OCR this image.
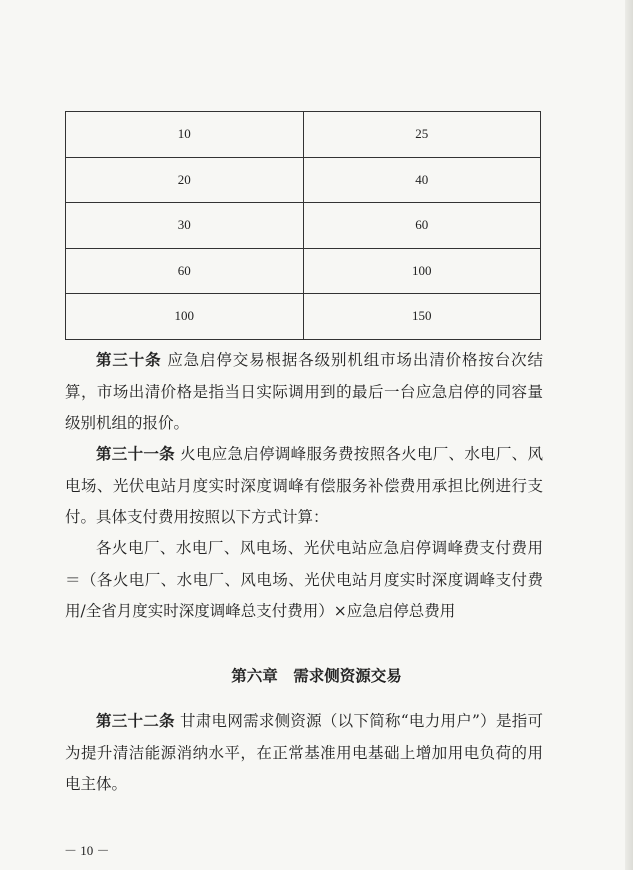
10	25
20	40
30	60
60	100
100	150

第三十条 应急启停交易根据各级别机组市场出清价格按台次结算，市场出清价格是指当日实际调用到的最后一台应急启停的同容量级别机组的报价。

第三十一条 火电应急启停调峰服务费按照各火电厂、水电厂、风电场、光伏电站月度实时深度调峰有偿服务补偿费用承担比例进行支付。具体支付费用按照以下方式计算：

各火电厂、水电厂、风电场、光伏电站应急启停调峰费支付费用＝（各火电厂、水电厂、风电场、光伏电站月度实时深度调峰支付费用/全省月度实时深度调峰总支付费用）×应急启停总费用

第六章　需求侧资源交易

第三十二条 甘肃电网需求侧资源（以下简称“电力用户”）是指可为提升清洁能源消纳水平，在正常基准用电基础上增加用电负荷的用电主体。

－ 10 －
